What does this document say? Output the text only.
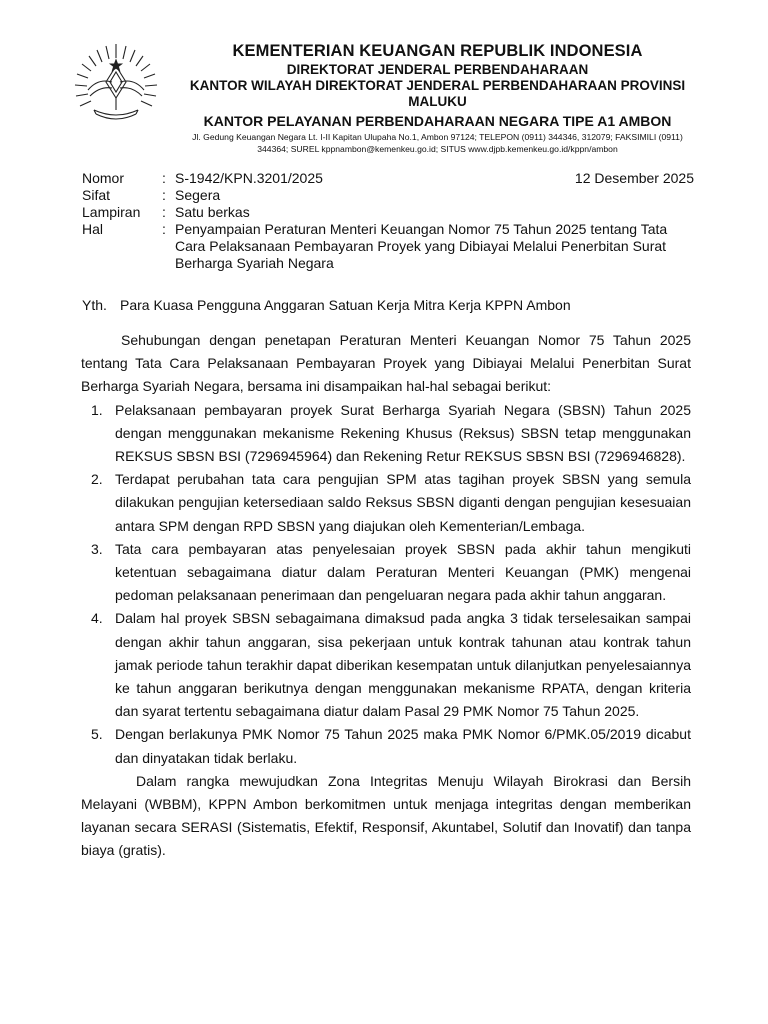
KEMENTERIAN KEUANGAN REPUBLIK INDONESIA
DIREKTORAT JENDERAL PERBENDAHARAAN
KANTOR WILAYAH DIREKTORAT JENDERAL PERBENDAHARAAN PROVINSI
MALUKU
KANTOR PELAYANAN PERBENDAHARAAN NEGARA TIPE A1 AMBON
Jl. Gedung Keuangan Negara Lt. I-II Kapitan Ulupaha No.1, Ambon 97124; TELEPON (0911) 344346, 312079; FAKSIMILI (0911)
344364; SUREL kppnambon@kemenkeu.go.id; SITUS www.djpb.kemenkeu.go.id/kppn/ambon
12 Desember 2025
Nomor	: S-1942/KPN.3201/2025
Sifat	: Segera
Lampiran	: Satu berkas
Hal	: Penyampaian Peraturan Menteri Keuangan Nomor 75 Tahun 2025 tentang Tata Cara Pelaksanaan Pembayaran Proyek yang Dibiayai Melalui Penerbitan Surat Berharga Syariah Negara
Yth. Para Kuasa Pengguna Anggaran Satuan Kerja Mitra Kerja KPPN Ambon

Sehubungan dengan penetapan Peraturan Menteri Keuangan Nomor 75 Tahun 2025 tentang Tata Cara Pelaksanaan Pembayaran Proyek yang Dibiayai Melalui Penerbitan Surat Berharga Syariah Negara, bersama ini disampaikan hal-hal sebagai berikut:

1. Pelaksanaan pembayaran proyek Surat Berharga Syariah Negara (SBSN) Tahun 2025 dengan menggunakan mekanisme Rekening Khusus (Reksus) SBSN tetap menggunakan REKSUS SBSN BSI (7296945964) dan Rekening Retur REKSUS SBSN BSI (7296946828).
2. Terdapat perubahan tata cara pengujian SPM atas tagihan proyek SBSN yang semula dilakukan pengujian ketersediaan saldo Reksus SBSN diganti dengan pengujian kesesuaian antara SPM dengan RPD SBSN yang diajukan oleh Kementerian/Lembaga.
3. Tata cara pembayaran atas penyelesaian proyek SBSN pada akhir tahun mengikuti ketentuan sebagaimana diatur dalam Peraturan Menteri Keuangan (PMK) mengenai pedoman pelaksanaan penerimaan dan pengeluaran negara pada akhir tahun anggaran.
4. Dalam hal proyek SBSN sebagaimana dimaksud pada angka 3 tidak terselesaikan sampai dengan akhir tahun anggaran, sisa pekerjaan untuk kontrak tahunan atau kontrak tahun jamak periode tahun terakhir dapat diberikan kesempatan untuk dilanjutkan penyelesaiannya ke tahun anggaran berikutnya dengan menggunakan mekanisme RPATA, dengan kriteria dan syarat tertentu sebagaimana diatur dalam Pasal 29 PMK Nomor 75 Tahun 2025.
5. Dengan berlakunya PMK Nomor 75 Tahun 2025 maka PMK Nomor 6/PMK.05/2019 dicabut dan dinyatakan tidak berlaku.

Dalam rangka mewujudkan Zona Integritas Menuju Wilayah Birokrasi dan Bersih Melayani (WBBM), KPPN Ambon berkomitmen untuk menjaga integritas dengan memberikan layanan secara SERASI (Sistematis, Efektif, Responsif, Akuntabel, Solutif dan Inovatif) dan tanpa biaya (gratis).
